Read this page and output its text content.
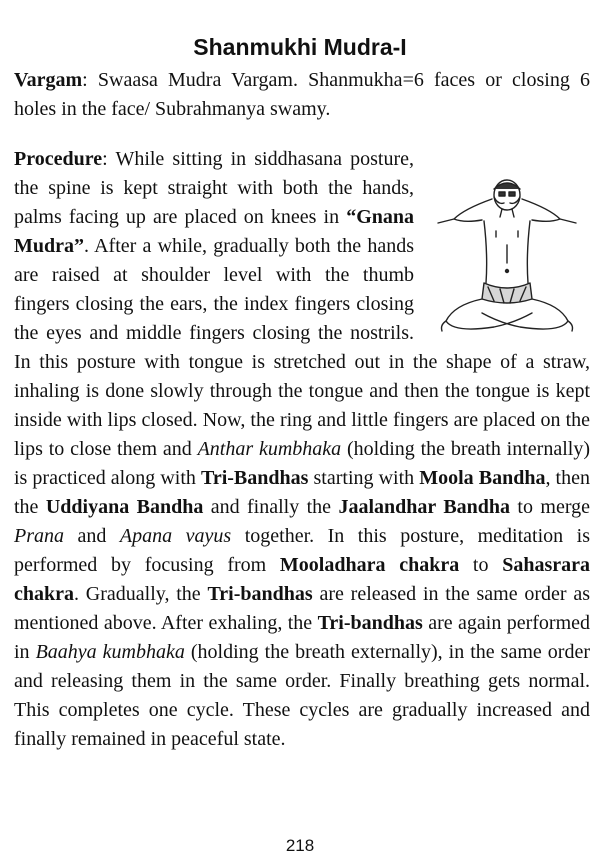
Shanmukhi Mudra-I

Vargam: Swaasa Mudra Vargam. Shanmukha=6 faces or closing 6 holes in the face/ Subrahmanya swamy.

Procedure: While sitting in siddhasana posture, the spine is kept straight with both the hands, palms facing up are placed on knees in “Gnana Mudra”. After a while, gradually both the hands are raised at shoulder level with the thumb fingers closing the ears, the index fingers closing the eyes and middle fingers closing the nostrils. In this posture with tongue is stretched out in the shape of a straw, inhaling is done slowly through the tongue and then the tongue is kept inside with lips closed. Now, the ring and little fingers are placed on the lips to close them and Anthar kumbhaka (holding the breath internally) is practiced along with Tri-Bandhas starting with Moola Bandha, then the Uddiyana Bandha and finally the Jaalandhar Bandha to merge Prana and Apana vayus together. In this posture, meditation is performed by focusing from Mooladhara chakra to Sahasrara chakra. Gradually, the Tri-bandhas are released in the same order as mentioned above. After exhaling, the Tri-bandhas are again performed in Baahya kumbhaka (holding the breath externally), in the same order and releasing them in the same order. Finally breathing gets normal. This completes one cycle. These cycles are gradually increased and finally remained in peaceful state.

218
